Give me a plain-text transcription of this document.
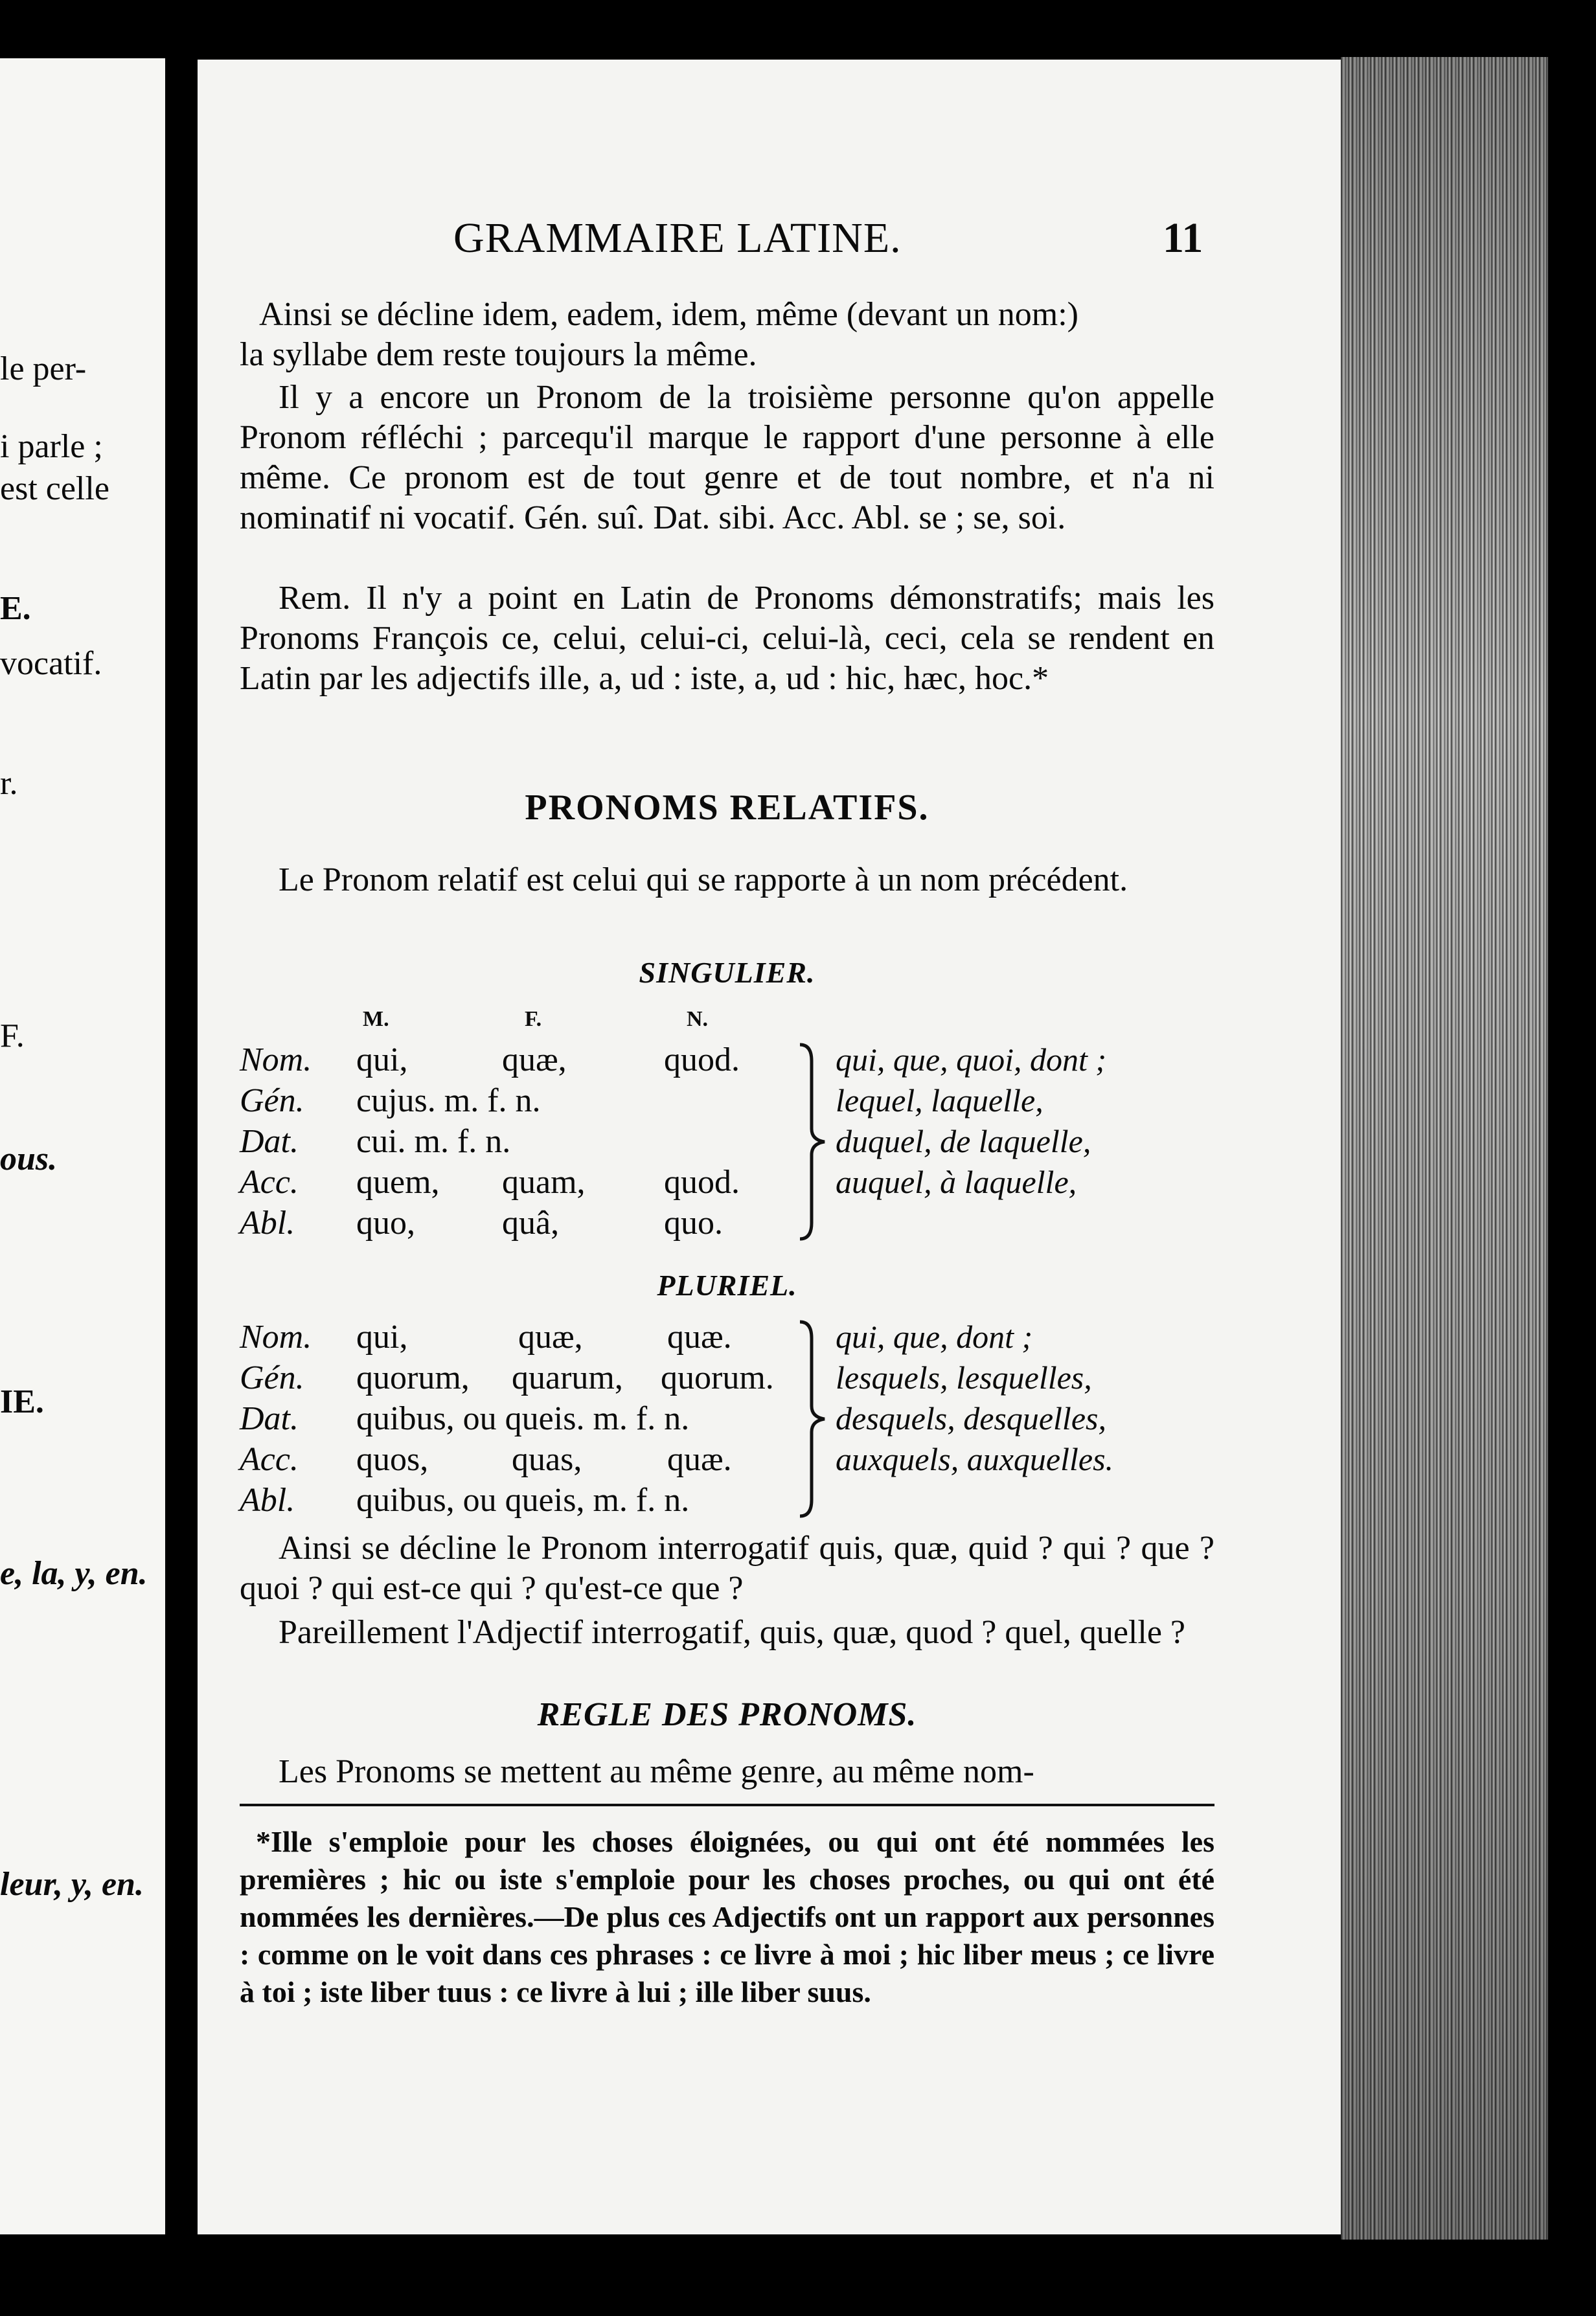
le per-
i parle ;
est celle
E.
vocatif.
r.
F.
ous.
IE.
e, la, y, en.
leur, y, en.
GRAMMAIRE LATINE.	11
Ainsi se décline idem, eadem, idem, même (devant un nom:)
la syllabe dem reste toujours la même.
Il y a encore un Pronom de la troisième personne qu'on appelle Pronom réfléchi ; parcequ'il marque le rapport d'une personne à elle même. Ce pronom est de tout genre et de tout nombre, et n'a ni nominatif ni vocatif. Gén. suî. Dat. sibi. Acc. Abl. se ; se, soi.
Rem. Il n'y a point en Latin de Pronoms démonstratifs; mais les Pronoms François ce, celui, celui-ci, celui-là, ceci, cela se rendent en Latin par les adjectifs ille, a, ud : iste, a, ud : hic, hæc, hoc.*
PRONOMS RELATIFS.
Le Pronom relatif est celui qui se rapporte à un nom précédent.
SINGULIER.
M.	F.	N.
Nom. qui,	quæ,	quod.
Gén. cujus. m. f. n.
Dat. cui. m. f. n.
Acc. quem, quam, quod.
Abl. quo,	quâ,	quo.
qui, que, quoi, dont ;
lequel, laquelle,
duquel, de laquelle,
auquel, à laquelle,
PLURIEL.
Nom. qui,	quæ,	quæ.
Gén. quorum, quarum, quorum.
Dat. quibus, ou queis. m. f. n.
Acc. quos, quas,	quæ.
Abl. quibus, ou queis, m. f. n.
qui, que, dont ;
lesquels, lesquelles,
desquels, desquelles,
auxquels, auxquelles.
Ainsi se décline le Pronom interrogatif quis, quæ, quid ? qui ? que ? quoi ? qui est-ce qui ? qu'est-ce que ?
Pareillement l'Adjectif interrogatif, quis, quæ, quod ? quel, quelle ?
REGLE DES PRONOMS.
Les Pronoms se mettent au même genre, au même nom-
*Ille s'emploie pour les choses éloignées, ou qui ont été nommées les premières ; hic ou iste s'emploie pour les choses proches, ou qui ont été nommées les dernières.—De plus ces Adjectifs ont un rapport aux personnes : comme on le voit dans ces phrases : ce livre à moi ; hic liber meus ; ce livre à toi ; iste liber tuus : ce livre à lui ; ille liber suus.
